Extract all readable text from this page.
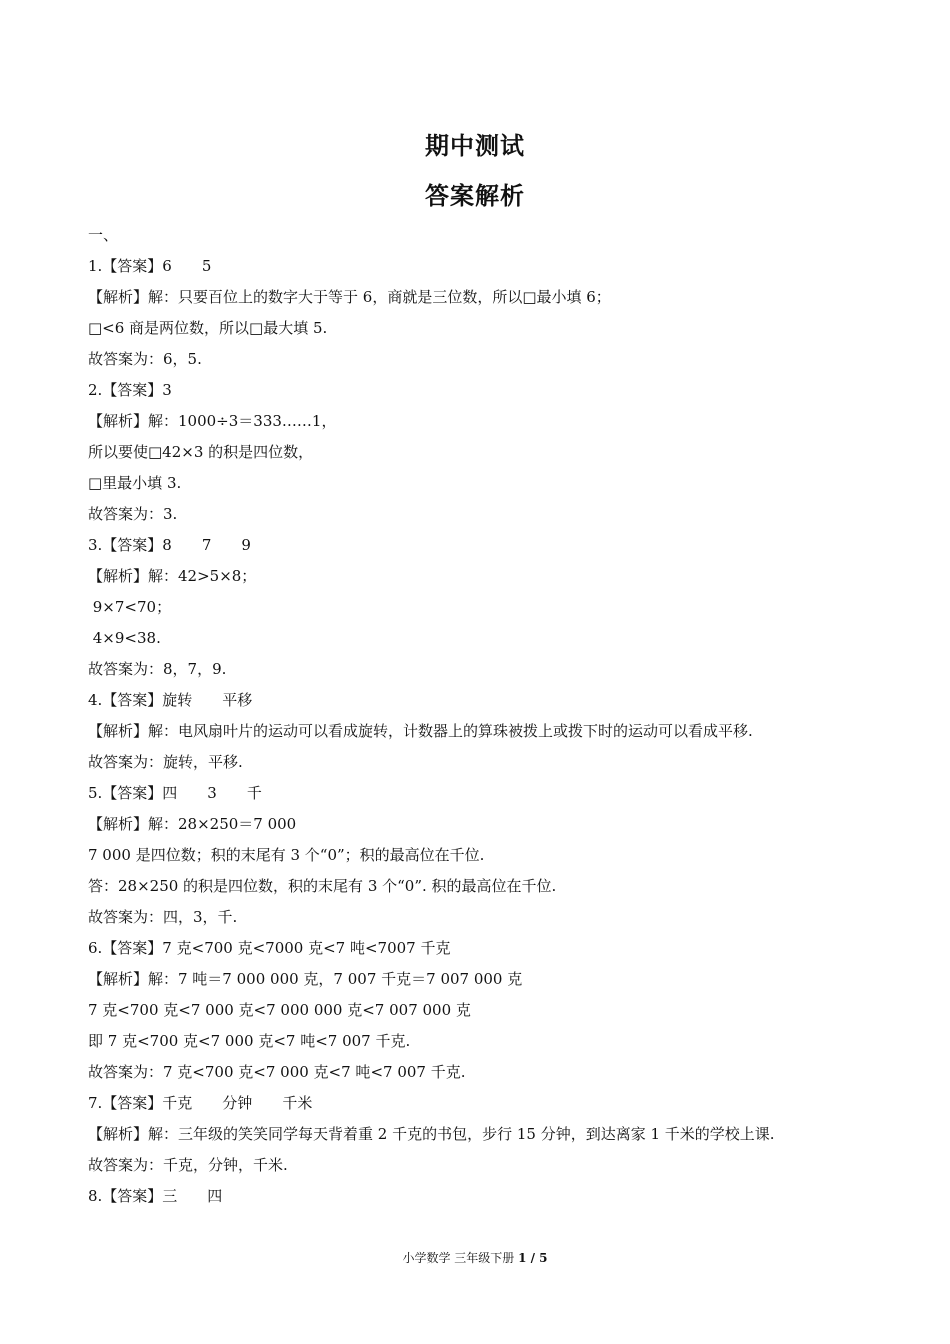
期中测试
答案解析
一、
1.【答案】6　　5
【解析】解：只要百位上的数字大于等于 6，商就是三位数，所以□最小填 6；
□<6 商是两位数，所以□最大填 5.
故答案为：6，5.
2.【答案】3
【解析】解：1000÷3＝333……1，
所以要使□42×3 的积是四位数，
□里最小填 3.
故答案为：3.
3.【答案】8　　7　　9
【解析】解：42>5×8；
9×7<70；
4×9<38.
故答案为：8，7，9.
4.【答案】旋转　　平移
【解析】解：电风扇叶片的运动可以看成旋转，计数器上的算珠被拨上或拨下时的运动可以看成平移.
故答案为：旋转，平移.
5.【答案】四　　3　　千
【解析】解：28×250＝7 000
7 000 是四位数；积的末尾有 3 个“0”；积的最高位在千位.
答：28×250 的积是四位数，积的末尾有 3 个“0”. 积的最高位在千位.
故答案为：四，3，千.
6.【答案】7 克<700 克<7000 克<7 吨<7007 千克
【解析】解：7 吨＝7 000 000 克，7 007 千克＝7 007 000 克
7 克<700 克<7 000 克<7 000 000 克<7 007 000 克
即 7 克<700 克<7 000 克<7 吨<7 007 千克.
故答案为：7 克<700 克<7 000 克<7 吨<7 007 千克.
7.【答案】千克　　分钟　　千米
【解析】解：三年级的笑笑同学每天背着重 2 千克的书包，步行 15 分钟，到达离家 1 千米的学校上课.
故答案为：千克，分钟，千米.
8.【答案】三　　四
小学数学 三年级下册 1 / 5
